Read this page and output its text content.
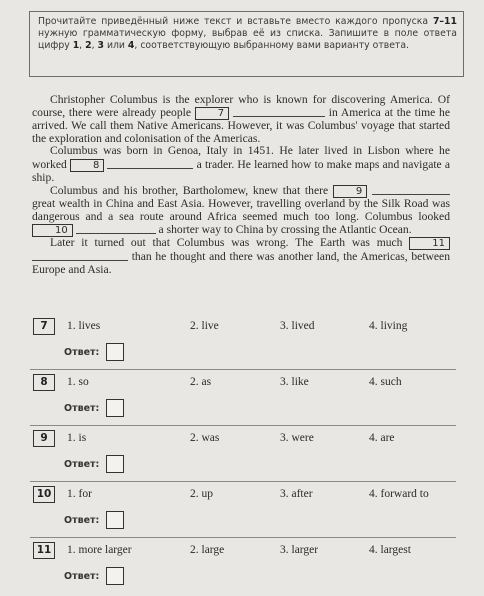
Прочитайте приведённый ниже текст и вставьте вместо каждого пропуска 7–11 нужную грамматическую форму, выбрав её из списка. Запишите в поле ответа цифру 1, 2, 3 или 4, соответствующую выбранному вами варианту ответа.

Christopher Columbus is the explorer who is known for discovering America. Of course, there were already people 7	in America at the time he arrived. We call them Native Americans. However, it was Columbus' voyage that started the exploration and colonisation of the Americas.

Columbus was born in Genoa, Italy in 1451. He later lived in Lisbon where he worked 8	a trader. He learned how to make maps and navigate a ship.

Columbus and his brother, Bartholomew, knew that there 9  great wealth in China and East Asia. However, travelling overland by the Silk Road was dangerous and a sea route around Africa seemed much too long. Columbus looked 10	a shorter way to China by crossing the Atlantic Ocean.

Later it turned out that Columbus was wrong. The Earth was much 11  than he thought and there was another land, the Americas, between Europe and Asia.

7	1. lives	2. live	3. lived	4. living
Ответ:
8	1. so	2. as	3. like	4. such
Ответ:
9	1. is	2. was	3. were	4. are
Ответ:
10	1. for	2. up	3. after	4. forward to
Ответ:
11	1. more larger	2. large	3. larger	4. largest
Ответ:
